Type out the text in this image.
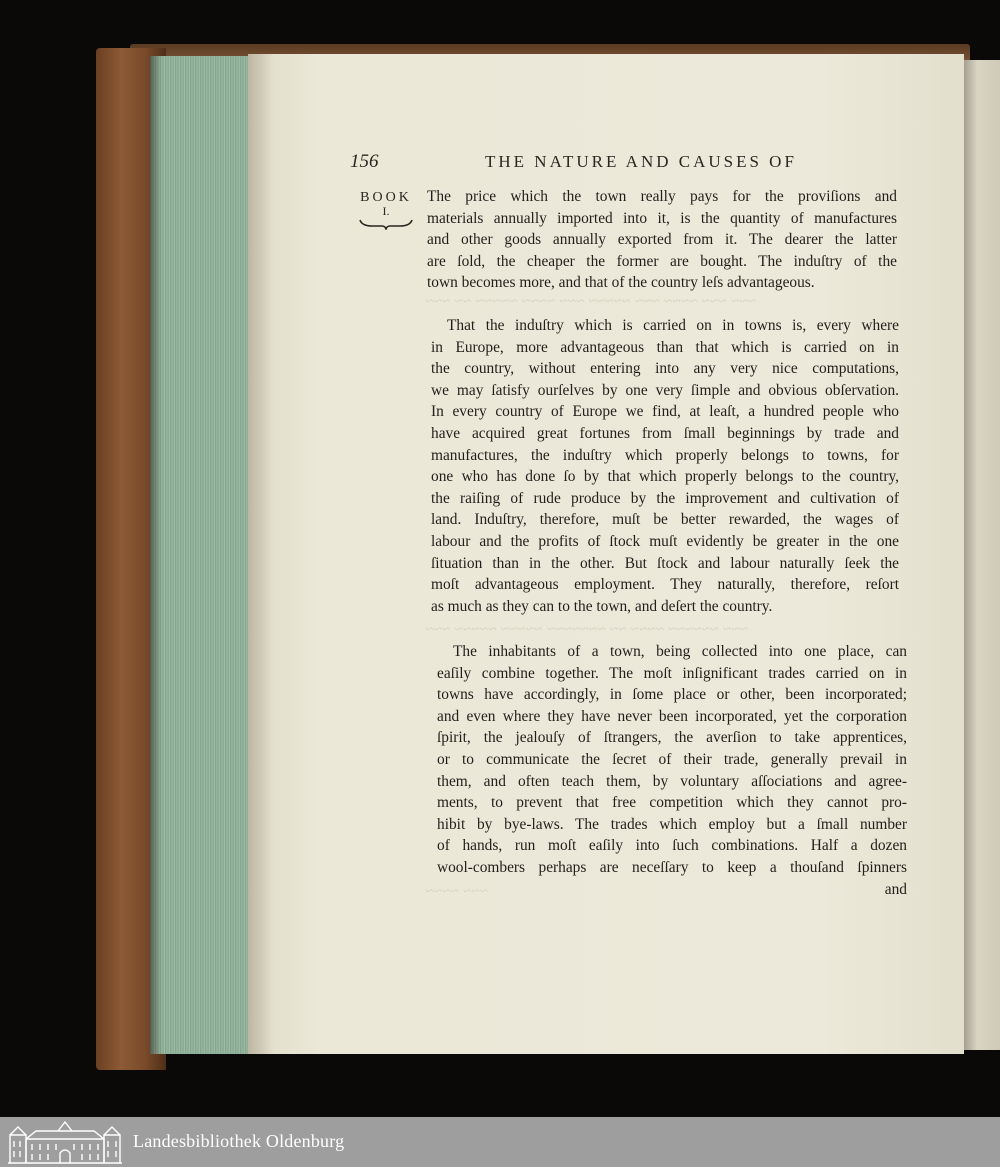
~~~ ~~~ ~~~~ ~~~ ~~~~~ ~~~ ~~~~ ~~~~~ ~~ ~~~
~~~ ~~~~~~ ~~~~ ~~ ~~~~~~~ ~~~~~ ~~~~~ ~~~
~~~ ~~~~
156	THE NATURE AND CAUSES OF
BOOK
I.
The price which the town really pays for the proviſions and
materials annually imported into it, is the quantity of manufactures
and other goods annually exported from it. The dearer the latter
are ſold, the cheaper the former are bought. The induſtry of the
town becomes more, and that of the country leſs advantageous.
That the induſtry which is carried on in towns is, every where
in Europe, more advantageous than that which is carried on in
the country, without entering into any very nice computations,
we may ſatisfy ourſelves by one very ſimple and obvious obſervation.
In every country of Europe we find, at leaſt, a hundred people who
have acquired great fortunes from ſmall beginnings by trade and
manufactures, the induſtry which properly belongs to towns, for
one who has done ſo by that which properly belongs to the country,
the raiſing of rude produce by the improvement and cultivation of
land. Induſtry, therefore, muſt be better rewarded, the wages of
labour and the profits of ſtock muſt evidently be greater in the one
ſituation than in the other. But ſtock and labour naturally ſeek the
moſt advantageous employment. They naturally, therefore, reſort
as much as they can to the town, and deſert the country.
The inhabitants of a town, being collected into one place, can
eaſily combine together. The moſt inſignificant trades carried on in
towns have accordingly, in ſome place or other, been incorporated;
and even where they have never been incorporated, yet the corporation
ſpirit, the jealouſy of ſtrangers, the averſion to take apprentices,
or to communicate the ſecret of their trade, generally prevail in
them, and often teach them, by voluntary aſſociations and agree-
ments, to prevent that free competition which they cannot pro-
hibit by bye-laws. The trades which employ but a ſmall number
of hands, run moſt eaſily into ſuch combinations. Half a dozen
wool-combers perhaps are neceſſary to keep a thouſand ſpinners
and
Landesbibliothek Oldenburg
